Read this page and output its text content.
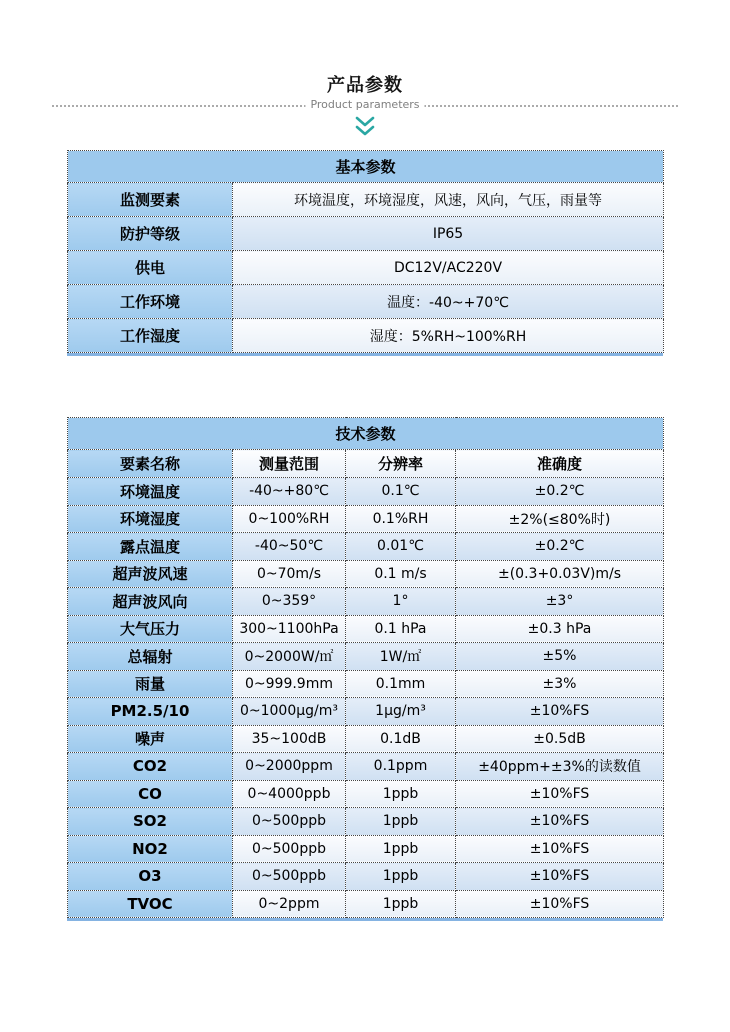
产品参数
Product parameters
基本参数	
监测要素	环境温度，环境湿度，风速，风向，气压，雨量等
防护等级	IP65
供电	DC12V/AC220V
工作环境	温度：-40~+70℃
工作湿度	湿度：5%RH~100%RH
技术参数			
要素名称	测量范围	分辨率	准确度
环境温度	-40~+80℃	0.1℃	±0.2℃
环境湿度	0~100%RH	0.1%RH	±2%(≤80%时)
露点温度	-40~50℃	0.01℃	±0.2℃
超声波风速	0~70m/s	0.1 m/s	±(0.3+0.03V)m/s
超声波风向	0~359°	1°	±3°
大气压力	300~1100hPa	0.1 hPa	±0.3 hPa
总辐射	0~2000W/㎡	1W/㎡	±5%
雨量	0~999.9mm	0.1mm	±3%
PM2.5/10	0~1000μg/m³	1μg/m³	±10%FS
噪声	35~100dB	0.1dB	±0.5dB
CO2	0~2000ppm	0.1ppm	±40ppm+±3%的读数值
CO	0~4000ppb	1ppb	±10%FS
SO2	0~500ppb	1ppb	±10%FS
NO2	0~500ppb	1ppb	±10%FS
O3	0~500ppb	1ppb	±10%FS
TVOC	0~2ppm	1ppb	±10%FS
